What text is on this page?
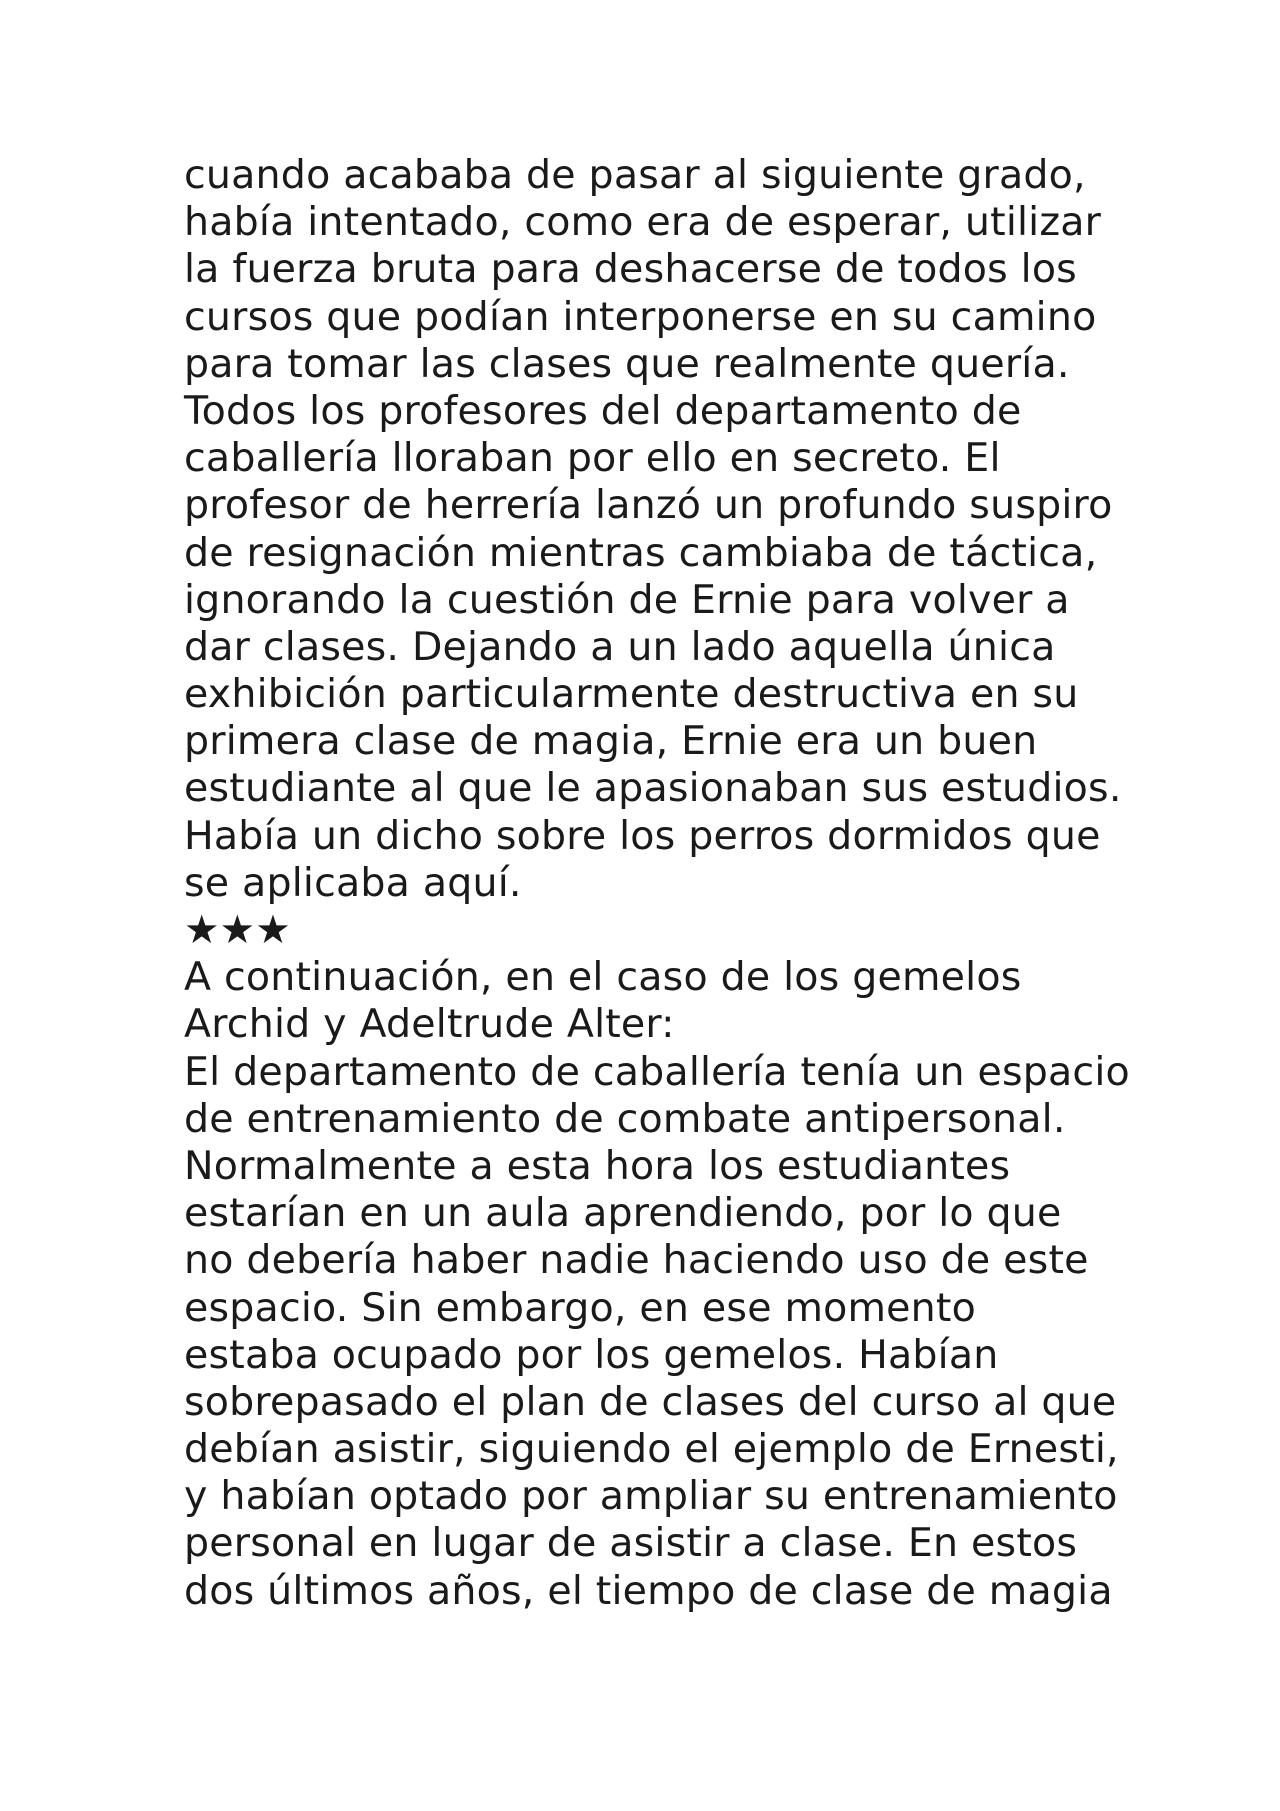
cuando acababa de pasar al siguiente grado,
había intentado, como era de esperar, utilizar
la fuerza bruta para deshacerse de todos los
cursos que podían interponerse en su camino
para tomar las clases que realmente quería.
Todos los profesores del departamento de
caballería lloraban por ello en secreto. El
profesor de herrería lanzó un profundo suspiro
de resignación mientras cambiaba de táctica,
ignorando la cuestión de Ernie para volver a
dar clases. Dejando a un lado aquella única
exhibición particularmente destructiva en su
primera clase de magia, Ernie era un buen
estudiante al que le apasionaban sus estudios.
Había un dicho sobre los perros dormidos que
se aplicaba aquí.
★★★
A continuación, en el caso de los gemelos
Archid y Adeltrude Alter:
El departamento de caballería tenía un espacio
de entrenamiento de combate antipersonal.
Normalmente a esta hora los estudiantes
estarían en un aula aprendiendo, por lo que
no debería haber nadie haciendo uso de este
espacio. Sin embargo, en ese momento
estaba ocupado por los gemelos. Habían
sobrepasado el plan de clases del curso al que
debían asistir, siguiendo el ejemplo de Ernesti,
y habían optado por ampliar su entrenamiento
personal en lugar de asistir a clase. En estos
dos últimos años, el tiempo de clase de magia
